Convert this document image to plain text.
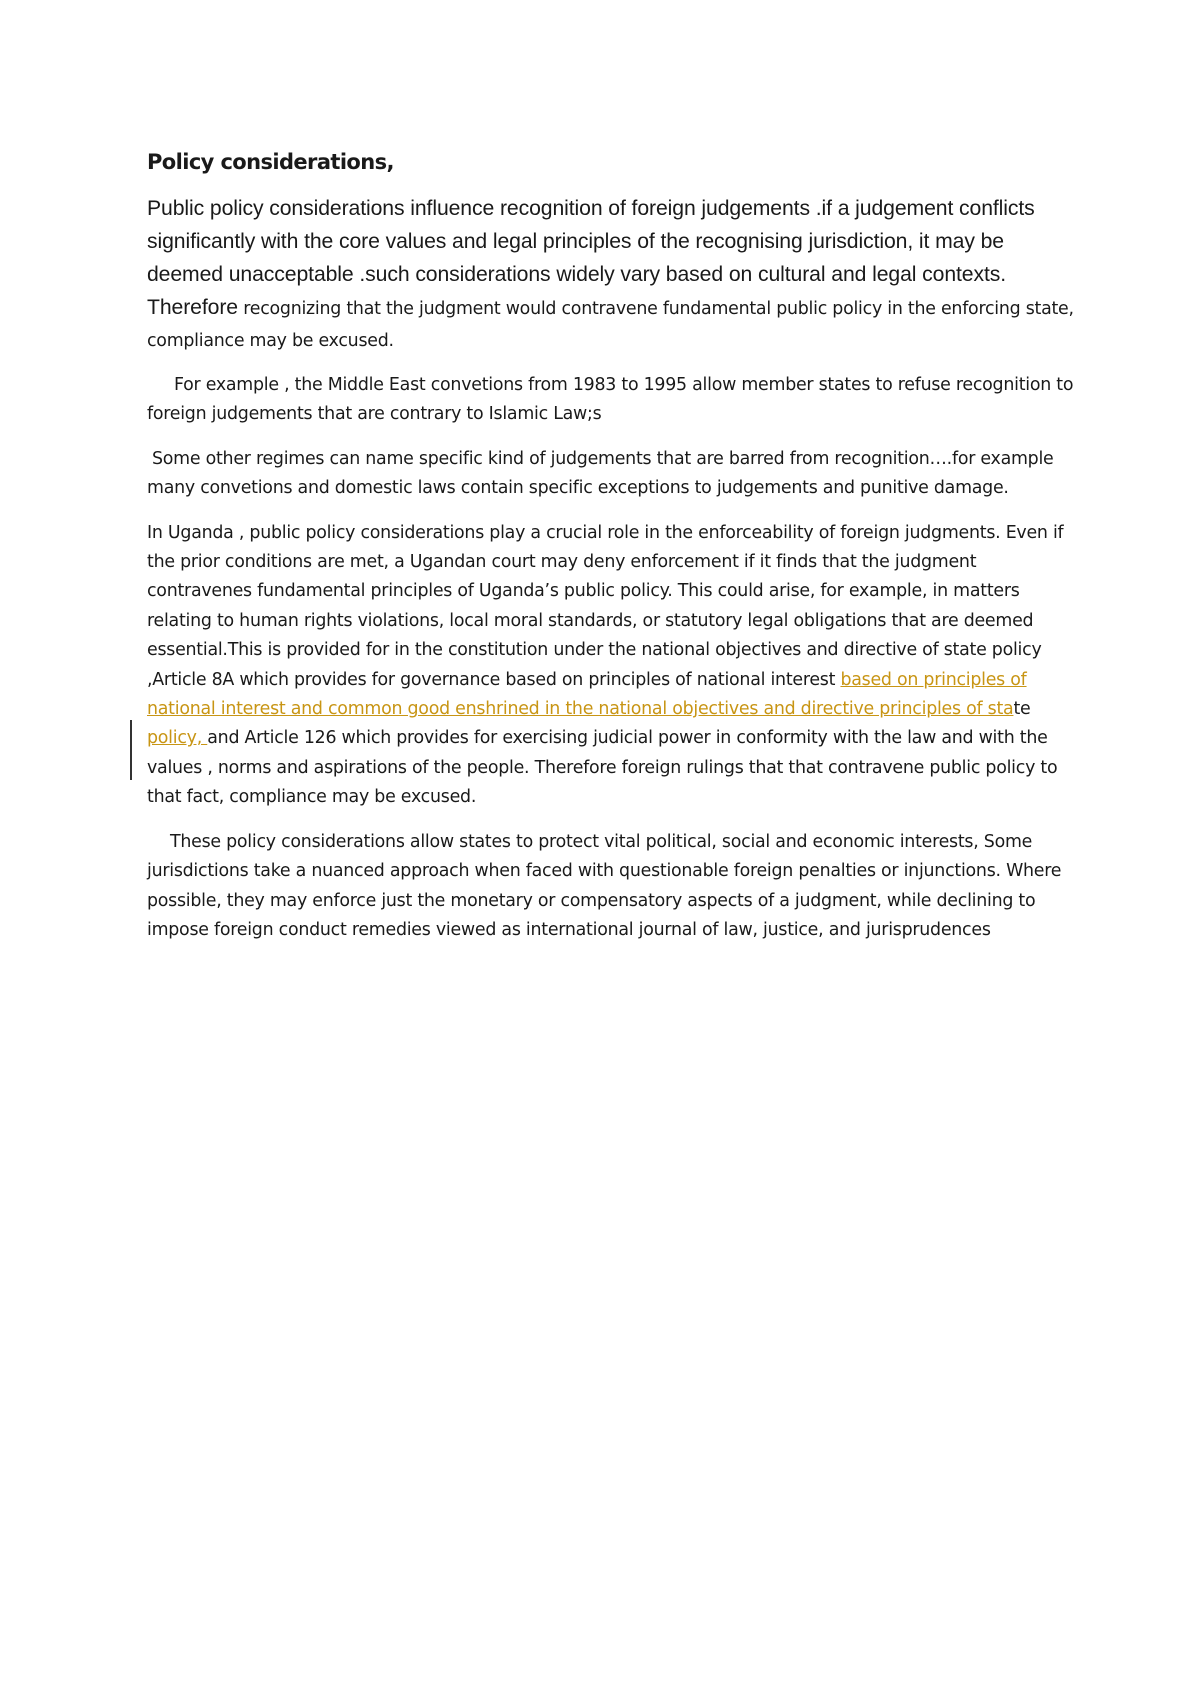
Policy considerations,

Public policy considerations influence recognition of foreign judgements .if a judgement conflicts significantly with the core values and legal principles of the recognising jurisdiction, it may be deemed unacceptable .such considerations widely vary based on cultural and legal contexts. Therefore recognizing that the judgment would contravene fundamental public policy in the enforcing state, compliance may be excused.

For example , the Middle East convetions from 1983 to 1995 allow member states to refuse recognition to foreign judgements that are contrary to Islamic Law;s

Some other regimes can name specific kind of judgements that are barred from recognition….for example many convetions and domestic laws contain specific exceptions to judgements and punitive damage.

In Uganda , public policy considerations play a crucial role in the enforceability of foreign judgments. Even if the prior conditions are met, a Ugandan court may deny enforcement if it finds that the judgment contravenes fundamental principles of Uganda’s public policy. This could arise, for example, in matters relating to human rights violations, local moral standards, or statutory legal obligations that are deemed essential.This is provided for in the constitution under the national objectives and directive of state policy ,Article 8A which provides for governance based on principles of national interest based on principles of national interest and common good enshrined in the national objectives and directive principles of state policy, and Article 126 which provides for exercising judicial power in conformity with the law and with the values , norms and aspirations of the people. Therefore foreign rulings that that contravene public policy to that fact, compliance may be excused.

These policy considerations allow states to protect vital political, social and economic interests, Some jurisdictions take a nuanced approach when faced with questionable foreign penalties or injunctions. Where possible, they may enforce just the monetary or compensatory aspects of a judgment, while declining to impose foreign conduct remedies viewed as international journal of law, justice, and jurisprudences
